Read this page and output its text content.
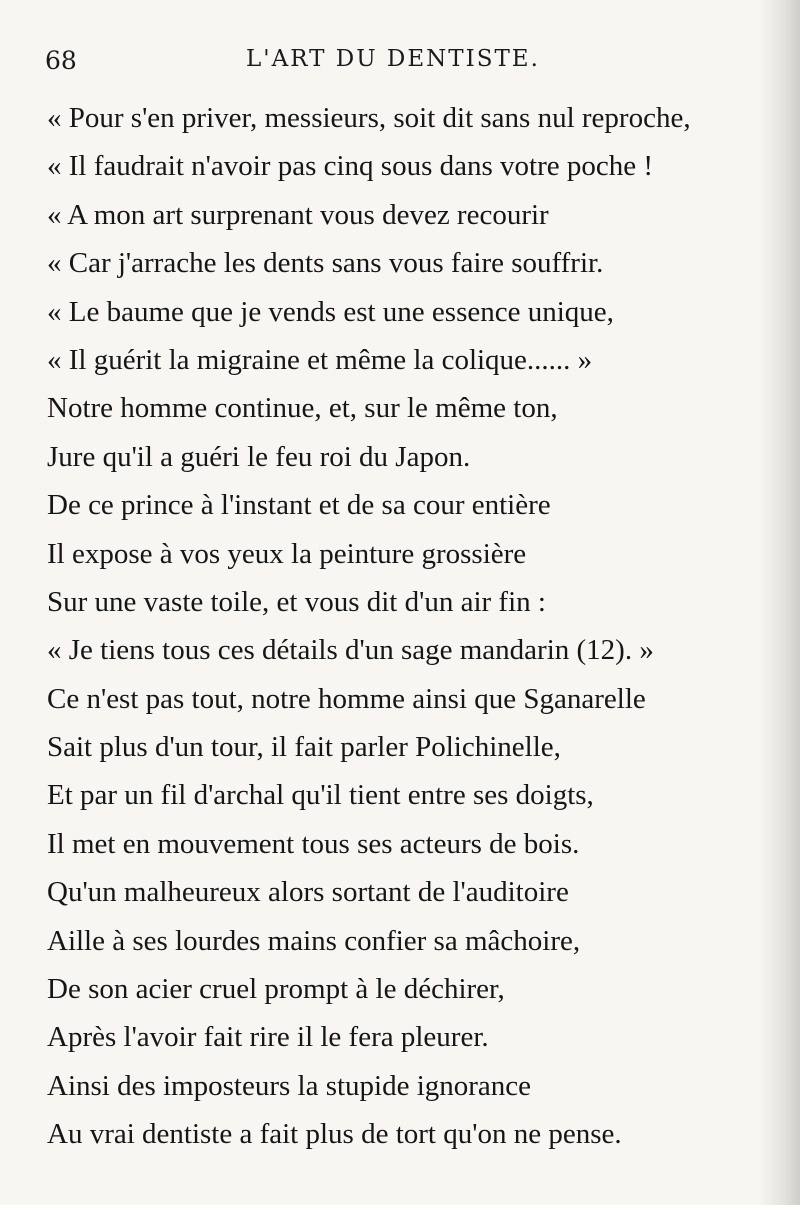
68	L'ART DU DENTISTE.
« Pour s'en priver, messieurs, soit dit sans nul reproche,
« Il faudrait n'avoir pas cinq sous dans votre poche !
« A mon art surprenant vous devez recourir
« Car j'arrache les dents sans vous faire souffrir.
« Le baume que je vends est une essence unique,
« Il guérit la migraine et même la colique...... »
Notre homme continue, et, sur le même ton,
Jure qu'il a guéri le feu roi du Japon.
De ce prince à l'instant et de sa cour entière
Il expose à vos yeux la peinture grossière
Sur une vaste toile, et vous dit d'un air fin :
« Je tiens tous ces détails d'un sage mandarin (12). »
Ce n'est pas tout, notre homme ainsi que Sganarelle
Sait plus d'un tour, il fait parler Polichinelle,
Et par un fil d'archal qu'il tient entre ses doigts,
Il met en mouvement tous ses acteurs de bois.
Qu'un malheureux alors sortant de l'auditoire
Aille à ses lourdes mains confier sa mâchoire,
De son acier cruel prompt à le déchirer,
Après l'avoir fait rire il le fera pleurer.
Ainsi des imposteurs la stupide ignorance
Au vrai dentiste a fait plus de tort qu'on ne pense.
